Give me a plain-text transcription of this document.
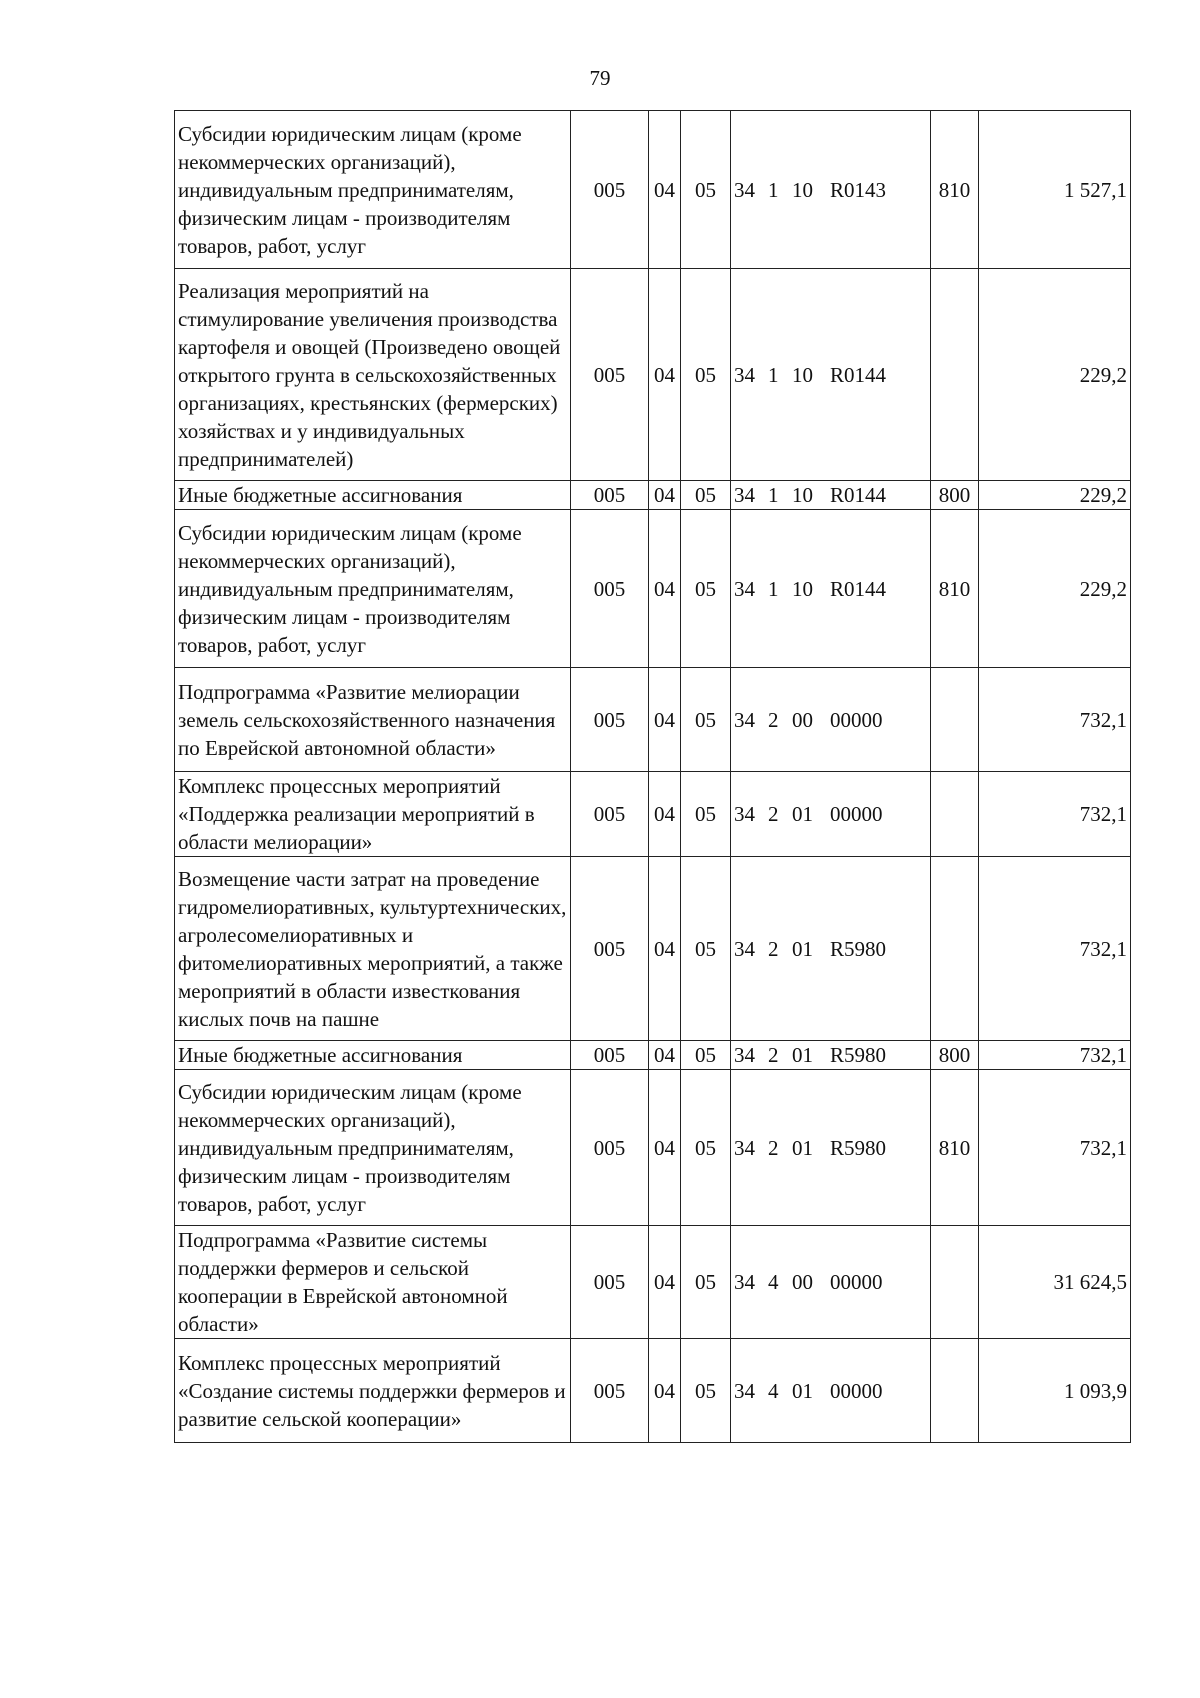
79
Субсидии юридическим лицам (кроме некоммерческих организаций), индивидуальным предпринимателям, физическим лицам - производителям товаров, работ, услуг	005	04	05	34 1 10 R0143	810	1 527,1
Реализация мероприятий на стимулирование увеличения производства картофеля и овощей (Произведено овощей открытого грунта в сельскохозяйственных организациях, крестьянских (фермерских) хозяйствах и у индивидуальных предпринимателей)	005	04	05	34 1 10 R0144		229,2
Иные бюджетные ассигнования	005	04	05	34 1 10 R0144	800	229,2
Субсидии юридическим лицам (кроме некоммерческих организаций), индивидуальным предпринимателям, физическим лицам - производителям товаров, работ, услуг	005	04	05	34 1 10 R0144	810	229,2
Подпрограмма «Развитие мелиорации земель сельскохозяйственного назначения по Еврейской автономной области»	005	04	05	34 2 00 00000		732,1
Комплекс процессных мероприятий «Поддержка реализации мероприятий в области мелиорации»	005	04	05	34 2 01 00000		732,1
Возмещение части затрат на проведение гидромелиоративных, культуртехнических, агролесомелиоративных и фитомелиоративных мероприятий, а также мероприятий в области известкования кислых почв на пашне	005	04	05	34 2 01 R5980		732,1
Иные бюджетные ассигнования	005	04	05	34 2 01 R5980	800	732,1
Субсидии юридическим лицам (кроме некоммерческих организаций), индивидуальным предпринимателям, физическим лицам - производителям товаров, работ, услуг	005	04	05	34 2 01 R5980	810	732,1
Подпрограмма «Развитие системы поддержки фермеров и сельской кооперации в Еврейской автономной области»	005	04	05	34 4 00 00000		31 624,5
Комплекс процессных мероприятий «Создание системы поддержки фермеров и развитие сельской кооперации»	005	04	05	34 4 01 00000		1 093,9
